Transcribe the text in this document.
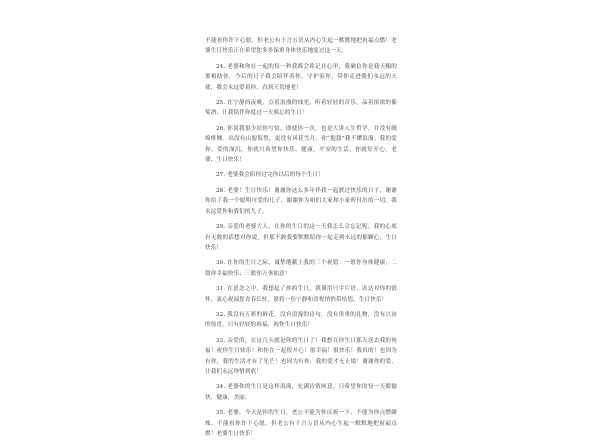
不能看你许下心愿，但老公有千言万语从内心生起一默默地把祝福点燃！老婆生日快乐正在希望您多多保重身体快乐地度过这一天。

24. 老婆和你在一起的每一秒我都会铭记在心里，我确信你是我天赐的那根肋骨，今后的日子我会陪伴着你，守护着你，带你走进我们永远的天使，我会永远爱着你，直到天荒地老！

25. 在宁静的夜晚，点着浪漫的烛光，听着轻轻的音乐，品着浓浓的葡萄酒，让我陪伴你度过一天难忘的生日！

26. 你说我很少给你写信，即使你一次，也是大讲人生哲学，并没有缠绵悱恻。出没有山盟海誓，更没有风花雪月，你“抱怨”我不懂浪漫。我的爱你，爱的深沉，你就只希望你快乐，健康，平安的生活，你就好开心，老婆，生日快乐！

27. 老婆我会陪你过完你以后的每个生日！

28. 老婆！生日快乐！谢谢你这么多年伴我一起渡过快乐的日子，谢谢你给了我一个聪明可爱的儿子，谢谢你为咱们大家和小家所付出的一切。我永远爱你和我们的儿子。

29. 亲爱的老婆大人，在你的生日的这一天我怎么会忘记呢，我的心底有无数的话想对你说，但那不敢我要默默陪你一起走到永远的那颗心，生日快乐！

30. 在你的生日之际，诚挚地献上我的三个祝愿：一愿你身体健康；二愿你幸福快乐；三愿你万事如意！

31. 在意念之中，我想起了你的生日，我谨用只字片语，表达对你的情怀，衷心祝福您青春长驻，愿将一份宁静和喜悦悄悄带给您，生日快乐！

32. 我没有五彩的鲜花，没有浪漫的诗句，没有贵重的礼物，没有兴奋的惊喜，只有轻轻的祝福，祝你生日快乐！

33. 亲爱的，在这几天就是你的生日了！我想在你生日那天送去我的祝福！祝你生日快乐！和你在一起很开心！很幸福！很快乐！我真的！也因为有你，我的生活才有了光芒！也因为有你，我的爱才无止境！谢谢你的爱，让我们永远珍惜到底！

34. 老婆你的生日是这样浪漫，充满诗情画意，只希望你的每一天都愉快，健康，美丽。

35. 老婆，今天是你的生日，老公不能为你庆祝一下，不能为你点燃蜡烛，不能看你许下心愿，但老公有千言万语从内心生起一默默地把祝福点燃！老婆生日快乐！
